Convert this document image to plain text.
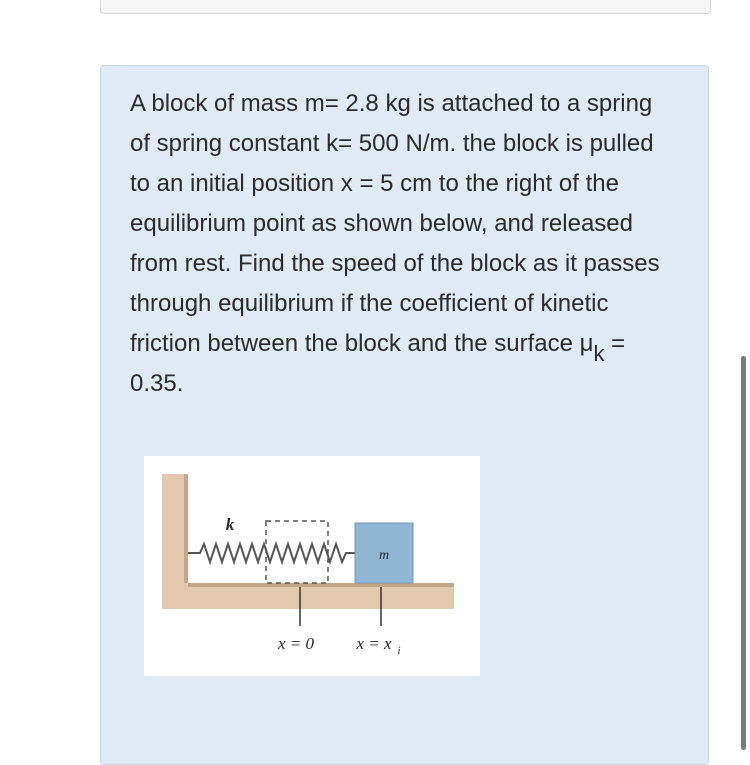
A block of mass m= 2.8 kg is attached to a spring of spring constant k= 500 N/m. the block is pulled to an initial position x = 5 cm to the right of the equilibrium point as shown below, and released from rest. Find the speed of the block as it passes through equilibrium if the coefficient of kinetic friction between the block and the surface μk = 0.35.

m
k
x = 0 x = x i
